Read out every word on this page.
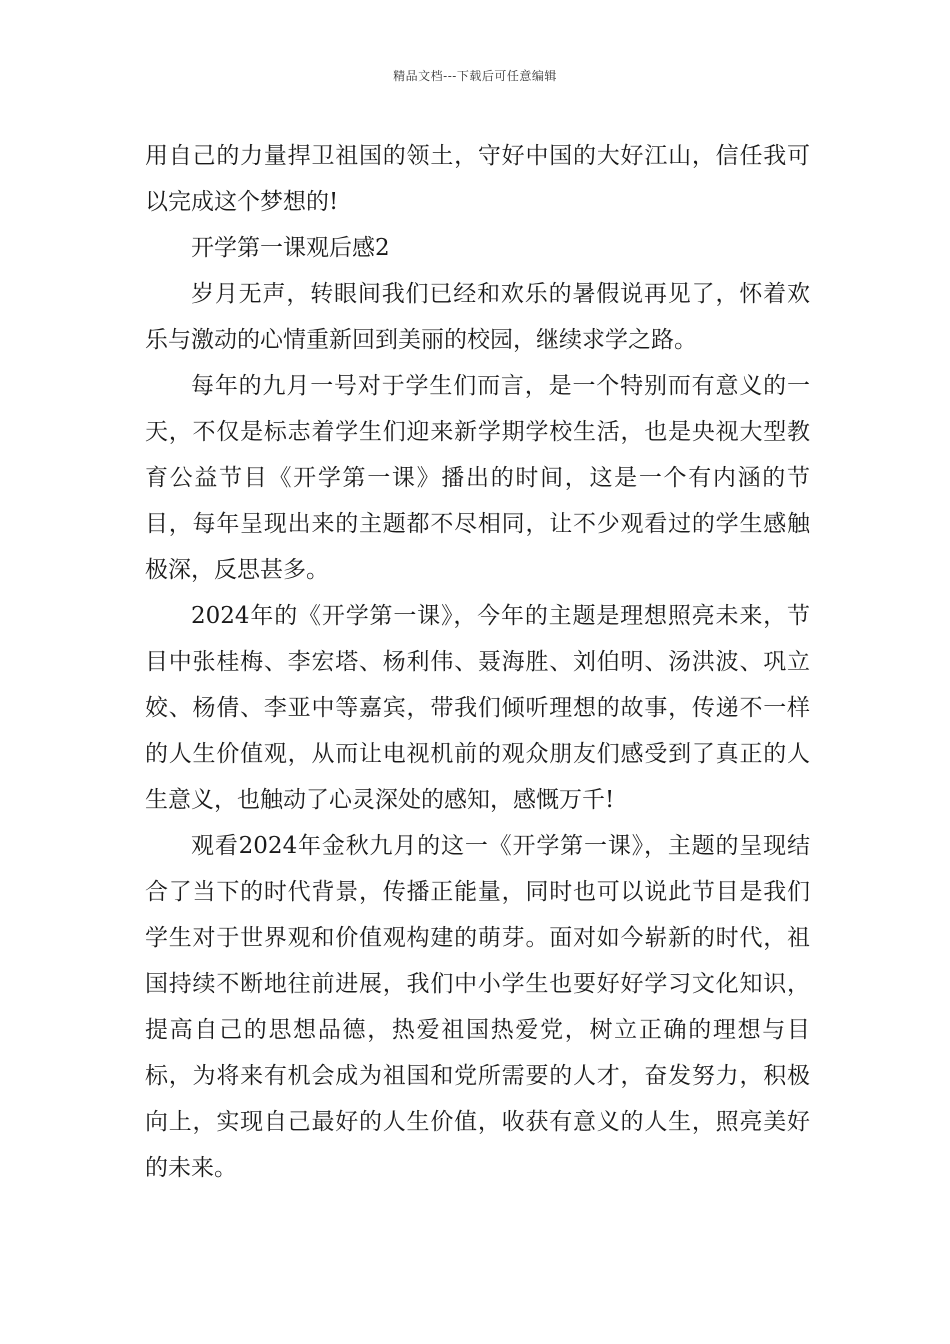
精品文档---下载后可任意编辑

用自己的力量捍卫祖国的领土，守好中国的大好江山，信任我可以完成这个梦想的!

开学第一课观后感2

岁月无声，转眼间我们已经和欢乐的暑假说再见了，怀着欢乐与激动的心情重新回到美丽的校园，继续求学之路。

每年的九月一号对于学生们而言，是一个特别而有意义的一天，不仅是标志着学生们迎来新学期学校生活，也是央视大型教育公益节目《开学第一课》播出的时间，这是一个有内涵的节目，每年呈现出来的主题都不尽相同，让不少观看过的学生感触极深，反思甚多。

2024年的《开学第一课》，今年的主题是理想照亮未来，节目中张桂梅、李宏塔、杨利伟、聂海胜、刘伯明、汤洪波、巩立姣、杨倩、李亚中等嘉宾，带我们倾听理想的故事，传递不一样的人生价值观，从而让电视机前的观众朋友们感受到了真正的人生意义，也触动了心灵深处的感知，感慨万千!

观看2024年金秋九月的这一《开学第一课》，主题的呈现结合了当下的时代背景，传播正能量，同时也可以说此节目是我们学生对于世界观和价值观构建的萌芽。面对如今崭新的时代，祖国持续不断地往前进展，我们中小学生也要好好学习文化知识，提高自己的思想品德，热爱祖国热爱党，树立正确的理想与目标，为将来有机会成为祖国和党所需要的人才，奋发努力，积极向上，实现自己最好的人生价值，收获有意义的人生，照亮美好的未来。
